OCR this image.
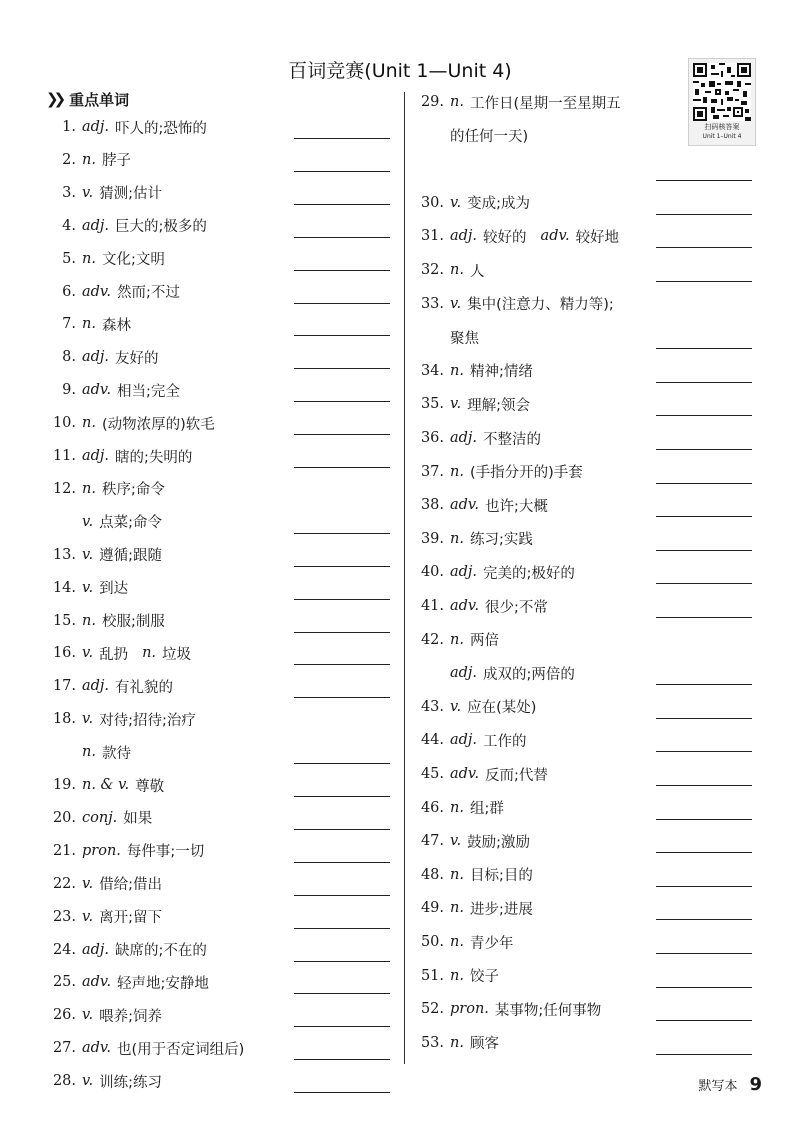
百词竞赛(Unit 1—Unit 4)
❯❯ 重点单词
扫码核答案
Unit 1–Unit 4
1. adj. 吓人的;恐怖的
2. n. 脖子
3. v. 猜测;估计
4. adj. 巨大的;极多的
5. n. 文化;文明
6. adv. 然而;不过
7. n. 森林
8. adj. 友好的
9. adv. 相当;完全
10. n. (动物浓厚的)软毛
11. adj. 瞎的;失明的
12. n. 秩序;命令
v. 点菜;命令
13. v. 遵循;跟随
14. v. 到达
15. n. 校服;制服
16. v. 乱扔 n. 垃圾
17. adj. 有礼貌的
18. v. 对待;招待;治疗
n. 款待
19. n. & v. 尊敬
20. conj. 如果
21. pron. 每件事;一切
22. v. 借给;借出
23. v. 离开;留下
24. adj. 缺席的;不在的
25. adv. 轻声地;安静地
26. v. 喂养;饲养
27. adv. 也(用于否定词组后)
28. v. 训练;练习
29. n. 工作日(星期一至星期五
的任何一天)
30. v. 变成;成为
31. adj. 较好的 adv. 较好地
32. n. 人
33. v. 集中(注意力、精力等);
聚焦
34. n. 精神;情绪
35. v. 理解;领会
36. adj. 不整洁的
37. n. (手指分开的)手套
38. adv. 也许;大概
39. n. 练习;实践
40. adj. 完美的;极好的
41. adv. 很少;不常
42. n. 两倍
adj. 成双的;两倍的
43. v. 应在(某处)
44. adj. 工作的
45. adv. 反而;代替
46. n. 组;群
47. v. 鼓励;激励
48. n. 目标;目的
49. n. 进步;进展
50. n. 青少年
51. n. 饺子
52. pron. 某事物;任何事物
53. n. 顾客
默写本 9
